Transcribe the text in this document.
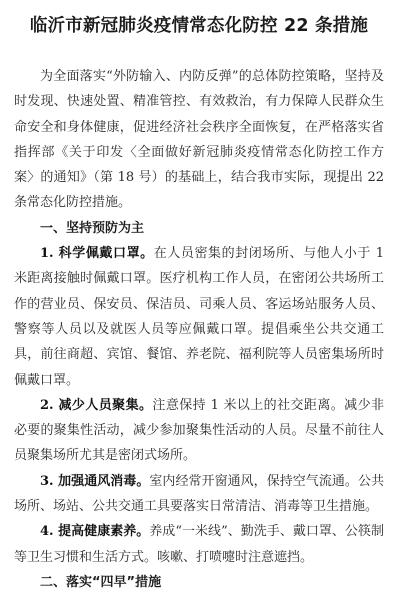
临沂市新冠肺炎疫情常态化防控 22 条措施

为全面落实“外防输入、内防反弹”的总体防控策略，坚持及时发现、快速处置、精准管控、有效救治，有力保障人民群众生命安全和身体健康，促进经济社会秩序全面恢复，在严格落实省指挥部《关于印发〈全面做好新冠肺炎疫情常态化防控工作方案〉的通知》（第 18 号）的基础上，结合我市实际，现提出 22 条常态化防控措施。

一、坚持预防为主

1. 科学佩戴口罩。在人员密集的封闭场所、与他人小于 1 米距离接触时佩戴口罩。医疗机构工作人员，在密闭公共场所工作的营业员、保安员、保洁员、司乘人员、客运场站服务人员、警察等人员以及就医人员等应佩戴口罩。提倡乘坐公共交通工具，前往商超、宾馆、餐馆、养老院、福利院等人员密集场所时佩戴口罩。

2. 减少人员聚集。注意保持 1 米以上的社交距离。减少非必要的聚集性活动，减少参加聚集性活动的人员。尽量不前往人员聚集场所尤其是密闭式场所。

3. 加强通风消毒。室内经常开窗通风，保持空气流通。公共场所、场站、公共交通工具要落实日常清洁、消毒等卫生措施。

4. 提高健康素养。养成“一米线”、勤洗手、戴口罩、公筷制等卫生习惯和生活方式。咳嗽、打喷嚏时注意遮挡。

二、落实“四早”措施
